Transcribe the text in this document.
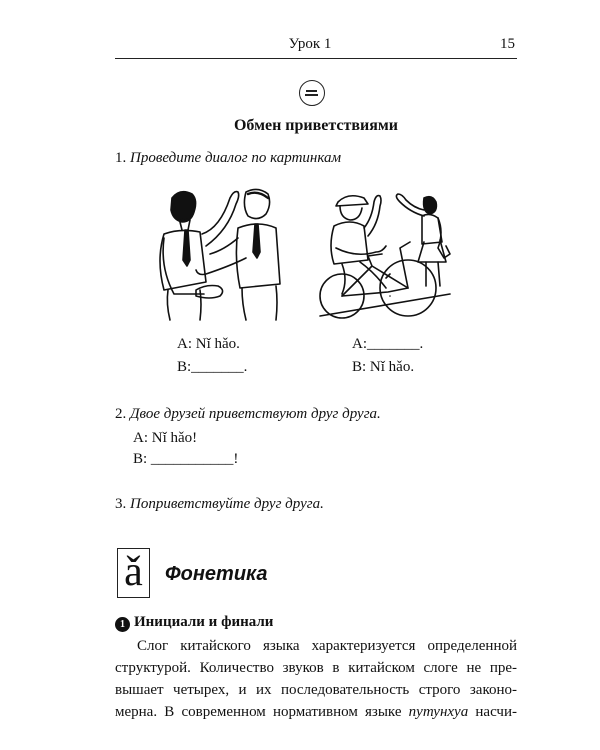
Урок 1	15
Обмен приветствиями
1. Проведите диалог по картинкам
A: Nǐ hǎo.
B:_______.
A:_______.
B: Nǐ hǎo.
2. Двое друзей приветствуют друг друга.
A: Nǐ hǎo!
B: ___________!
3. Поприветствуйте друг друга.
ǎ	Фонетика
1 Инициали и финали
Слог китайского языка характеризуется определенной
структурой. Количество звуков в китайском слоге не пре-
вышает четырех, и их последовательность строго законо-
мерна. В современном нормативном языке путунхуа насчи-
